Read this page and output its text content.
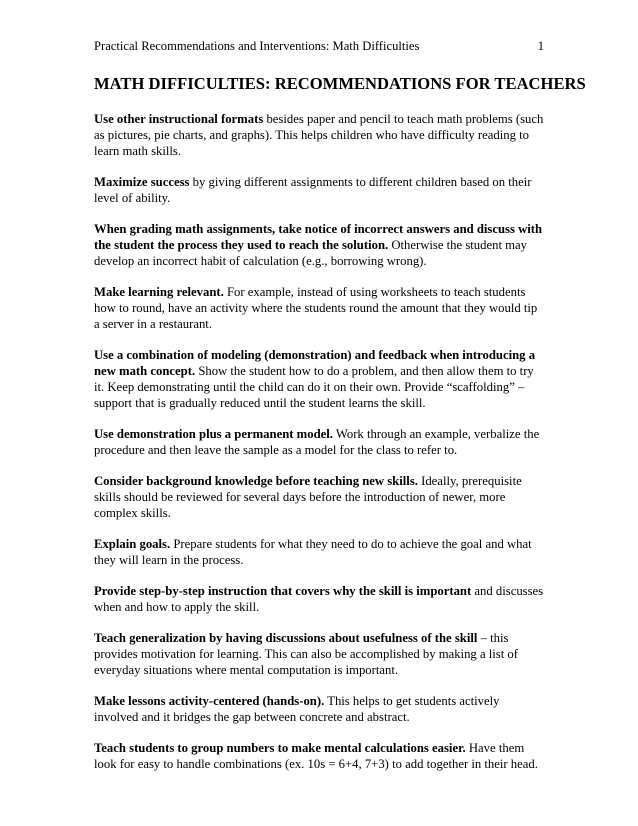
Practical Recommendations and Interventions: Math Difficulties	1
MATH DIFFICULTIES: RECOMMENDATIONS FOR TEACHERS

Use other instructional formats besides paper and pencil to teach math problems (such as pictures, pie charts, and graphs). This helps children who have difficulty reading to learn math skills.

Maximize success by giving different assignments to different children based on their level of ability.

When grading math assignments, take notice of incorrect answers and discuss with the student the process they used to reach the solution. Otherwise the student may develop an incorrect habit of calculation (e.g., borrowing wrong).

Make learning relevant. For example, instead of using worksheets to teach students how to round, have an activity where the students round the amount that they would tip a server in a restaurant.

Use a combination of modeling (demonstration) and feedback when introducing a new math concept. Show the student how to do a problem, and then allow them to try it. Keep demonstrating until the child can do it on their own. Provide “scaffolding” – support that is gradually reduced until the student learns the skill.

Use demonstration plus a permanent model. Work through an example, verbalize the procedure and then leave the sample as a model for the class to refer to.

Consider background knowledge before teaching new skills. Ideally, prerequisite skills should be reviewed for several days before the introduction of newer, more complex skills.

Explain goals. Prepare students for what they need to do to achieve the goal and what they will learn in the process.

Provide step-by-step instruction that covers why the skill is important and discusses when and how to apply the skill.

Teach generalization by having discussions about usefulness of the skill – this provides motivation for learning. This can also be accomplished by making a list of everyday situations where mental computation is important.

Make lessons activity-centered (hands-on). This helps to get students actively involved and it bridges the gap between concrete and abstract.

Teach students to group numbers to make mental calculations easier. Have them look for easy to handle combinations (ex. 10s = 6+4, 7+3) to add together in their head.
